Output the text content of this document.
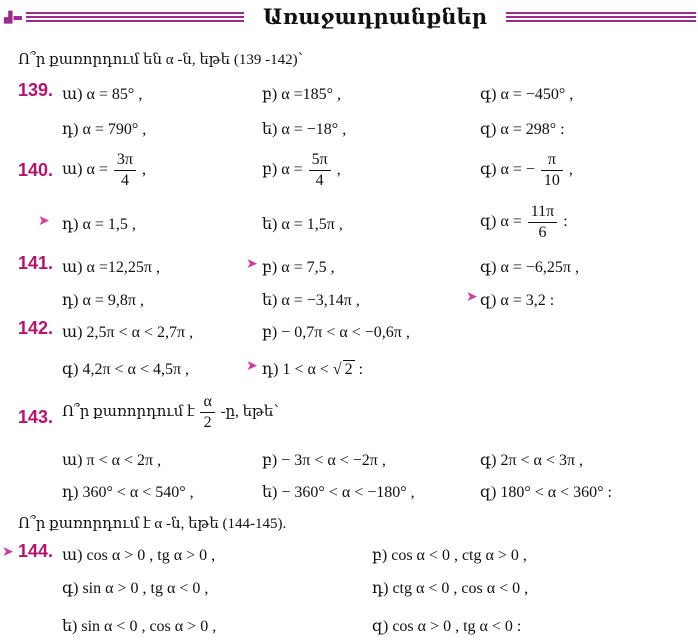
▟▬	Առաջադրանքներ
Ո՞ր քառորդում են α -ն, եթե (139 -142)՝
139. ա) α = 85° ,	բ) α =185° ,	գ) α = −450° ,
դ) α = 790° ,	ե) α = −18° ,	զ) α = 298° :
140. ա) $\alpha = \frac{3\pi}{4}$ ,	բ) $\alpha = \frac{5\pi}{4}$ ,	գ) α = − $\frac{\pi}{10}$ ,
➤ դ) α = 1,5 ,	ե) α = 1,5π ,	զ) $\alpha = \frac{11\pi}{6}$ :
141. ա) α =12,25π ,	➤ բ) α = 7,5 ,	գ) α = −6,25π ,
դ) α = 9,8π ,	ե) α = −3,14π ,	➤ զ) α = 3,2 :
142. ա) 2,5π < α < 2,7π ,	բ) − 0,7π < α < −0,6π ,
գ) 4,2π < α < 4,5π ,	➤ դ) 1 < α < √ 2 :
143. Ո՞ր քառորդում է $\frac{\alpha}{2}$ -ը, եթե՝
ա) π < α < 2π ,	բ) − 3π < α < −2π ,	գ) 2π < α < 3π ,
դ) 360° < α < 540° ,	ե) − 360° < α < −180° ,	զ) 180° < α < 360° :
Ո՞ր քառորդում է α -ն, եթե (144-145).
➤ 144. ա) cos α > 0 , tg α > 0 ,	բ) cos α < 0 , ctg α > 0 ,
գ) sin α > 0 , tg α < 0 ,	դ) ctg α < 0 , cos α < 0 ,
ե) sin α < 0 , cos α > 0 ,	զ) cos α > 0 , tg α < 0 :
